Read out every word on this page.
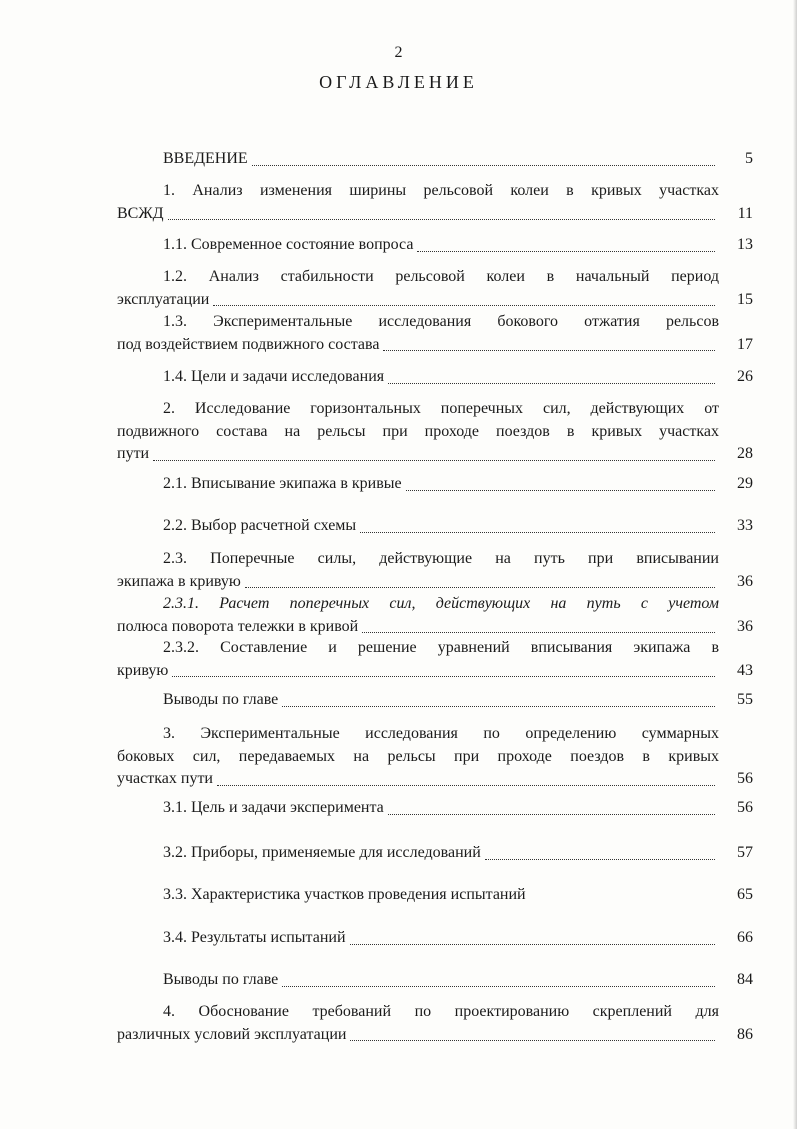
2
ОГЛАВЛЕНИЕ
ВВЕДЕНИЕ	5
1. Анализ изменения ширины рельсовой колеи в кривых участках
ВСЖД	11
1.1. Современное состояние вопроса	13
1.2. Анализ стабильности рельсовой колеи в начальный период
эксплуатации	15
1.3. Экспериментальные исследования бокового отжатия рельсов
под воздействием подвижного состава	17
1.4. Цели и задачи исследования	26
2. Исследование горизонтальных поперечных сил, действующих от
подвижного состава на рельсы при проходе поездов в кривых участках
пути	28
2.1. Вписывание экипажа в кривые	29
2.2. Выбор расчетной схемы	33
2.3. Поперечные силы, действующие на путь при вписывании
экипажа в кривую	36
2.3.1. Расчет поперечных сил, действующих на путь с учетом
полюса поворота тележки в кривой	36
2.3.2. Составление и решение уравнений вписывания экипажа в
кривую	43
Выводы по главе	55
3. Экспериментальные исследования по определению суммарных
боковых сил, передаваемых на рельсы при проходе поездов в кривых
участках пути	56
3.1. Цель и задачи эксперимента	56
3.2. Приборы, применяемые для исследований	57
3.3. Характеристика участков проведения испытаний	65
3.4. Результаты испытаний	66
Выводы по главе	84
4. Обоснование требований по проектированию скреплений для
различных условий эксплуатации	86
